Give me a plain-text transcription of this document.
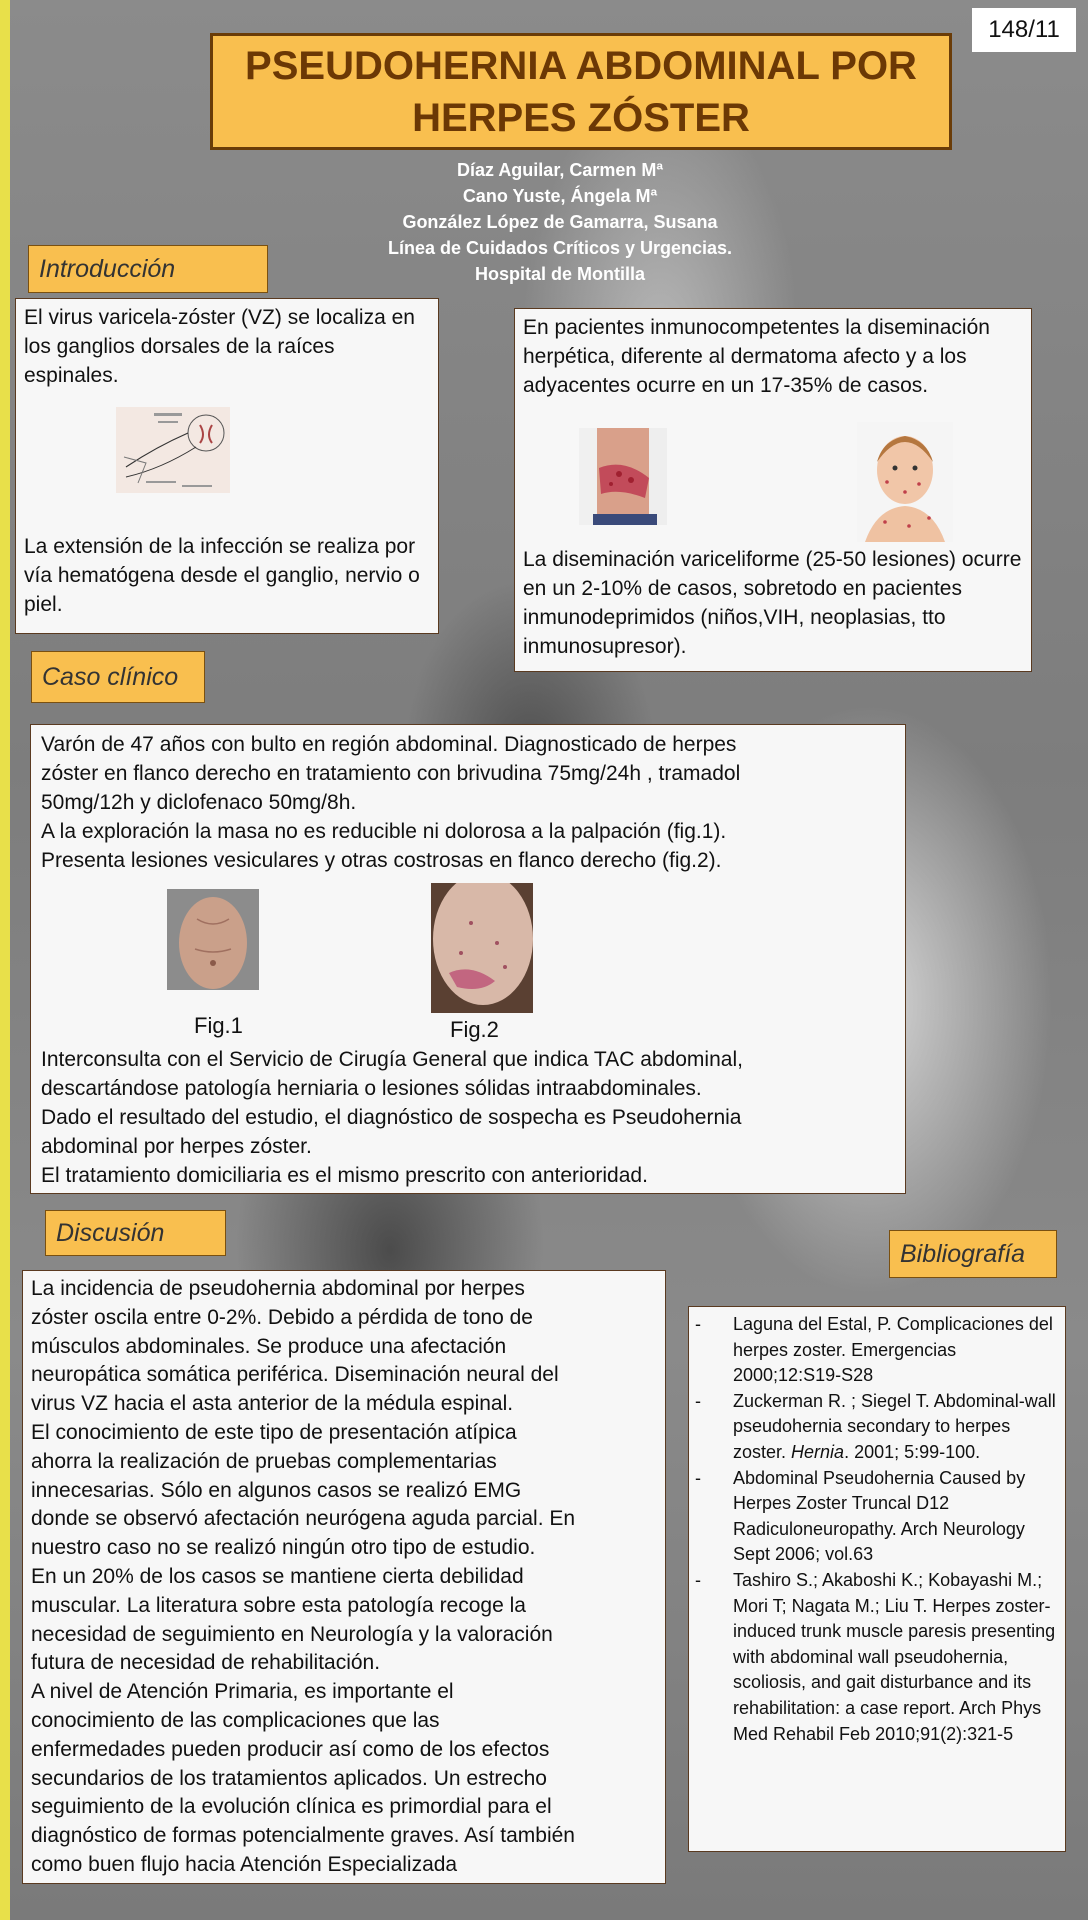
148/11
PSEUDOHERNIA ABDOMINAL POR
HERPES ZÓSTER
Díaz Aguilar, Carmen Mª
Cano Yuste, Ángela Mª
González López de Gamarra, Susana
Línea de Cuidados Críticos y Urgencias.
Hospital de Montilla
Introducción

El virus varicela-zóster (VZ) se localiza en los ganglios dorsales de la raíces espinales.

La extensión de la infección se realiza por vía hematógena desde el ganglio, nervio o piel.

En pacientes inmunocompetentes la diseminación herpética, diferente al dermatoma afecto y a los adyacentes ocurre en un 17-35% de casos.

La diseminación variceliforme (25-50 lesiones) ocurre en un 2-10% de casos, sobretodo en pacientes inmunodeprimidos (niños,VIH, neoplasias, tto inmunosupresor).

Caso clínico
Varón de 47 años con bulto en región abdominal. Diagnosticado de herpes
zóster en flanco derecho en tratamiento con brivudina 75mg/24h , tramadol
50mg/12h y diclofenaco 50mg/8h.
A la exploración la masa no es reducible ni dolorosa a la palpación (fig.1).
Presenta lesiones vesiculares y otras costrosas en flanco derecho (fig.2).
Fig.1	Fig.2
Interconsulta con el Servicio de Cirugía General que indica TAC abdominal,
descartándose patología herniaria o lesiones sólidas intraabdominales.
Dado el resultado del estudio, el diagnóstico de sospecha es Pseudohernia
abdominal por herpes zóster.
El tratamiento domiciliaria es el mismo prescrito con anterioridad.
Discusión
La incidencia de pseudohernia abdominal por herpes
zóster oscila entre 0-2%. Debido a pérdida de tono de
músculos abdominales. Se produce una afectación
neuropática somática periférica. Diseminación neural del
virus VZ hacia el asta anterior de la médula espinal.
El conocimiento de este tipo de presentación atípica
ahorra la realización de pruebas complementarias
innecesarias. Sólo en algunos casos se realizó EMG
donde se observó afectación neurógena aguda parcial. En
nuestro caso no se realizó ningún otro tipo de estudio.
En un 20% de los casos se mantiene cierta debilidad
muscular. La literatura sobre esta patología recoge la
necesidad de seguimiento en Neurología y la valoración
futura de necesidad de rehabilitación.
A nivel de Atención Primaria, es importante el
conocimiento de las complicaciones que las
enfermedades pueden producir así como de los efectos
secundarios de los tratamientos aplicados. Un estrecho
seguimiento de la evolución clínica es primordial para el
diagnóstico de formas potencialmente graves. Así también
como buen flujo hacia Atención Especializada
Bibliografía
- Laguna del Estal, P. Complicaciones del herpes zoster. Emergencias 2000;12:S19-S28
- Zuckerman R. ; Siegel T. Abdominal-wall pseudohernia secondary to herpes zoster. Hernia. 2001; 5:99-100.
- Abdominal Pseudohernia Caused by Herpes Zoster Truncal D12 Radiculoneuropathy. Arch Neurology Sept 2006; vol.63
- Tashiro S.; Akaboshi K.; Kobayashi M.; Mori T; Nagata M.; Liu T. Herpes zoster-induced trunk muscle paresis presenting with abdominal wall pseudohernia, scoliosis, and gait disturbance and its rehabilitation: a case report. Arch Phys Med Rehabil Feb 2010;91(2):321-5
